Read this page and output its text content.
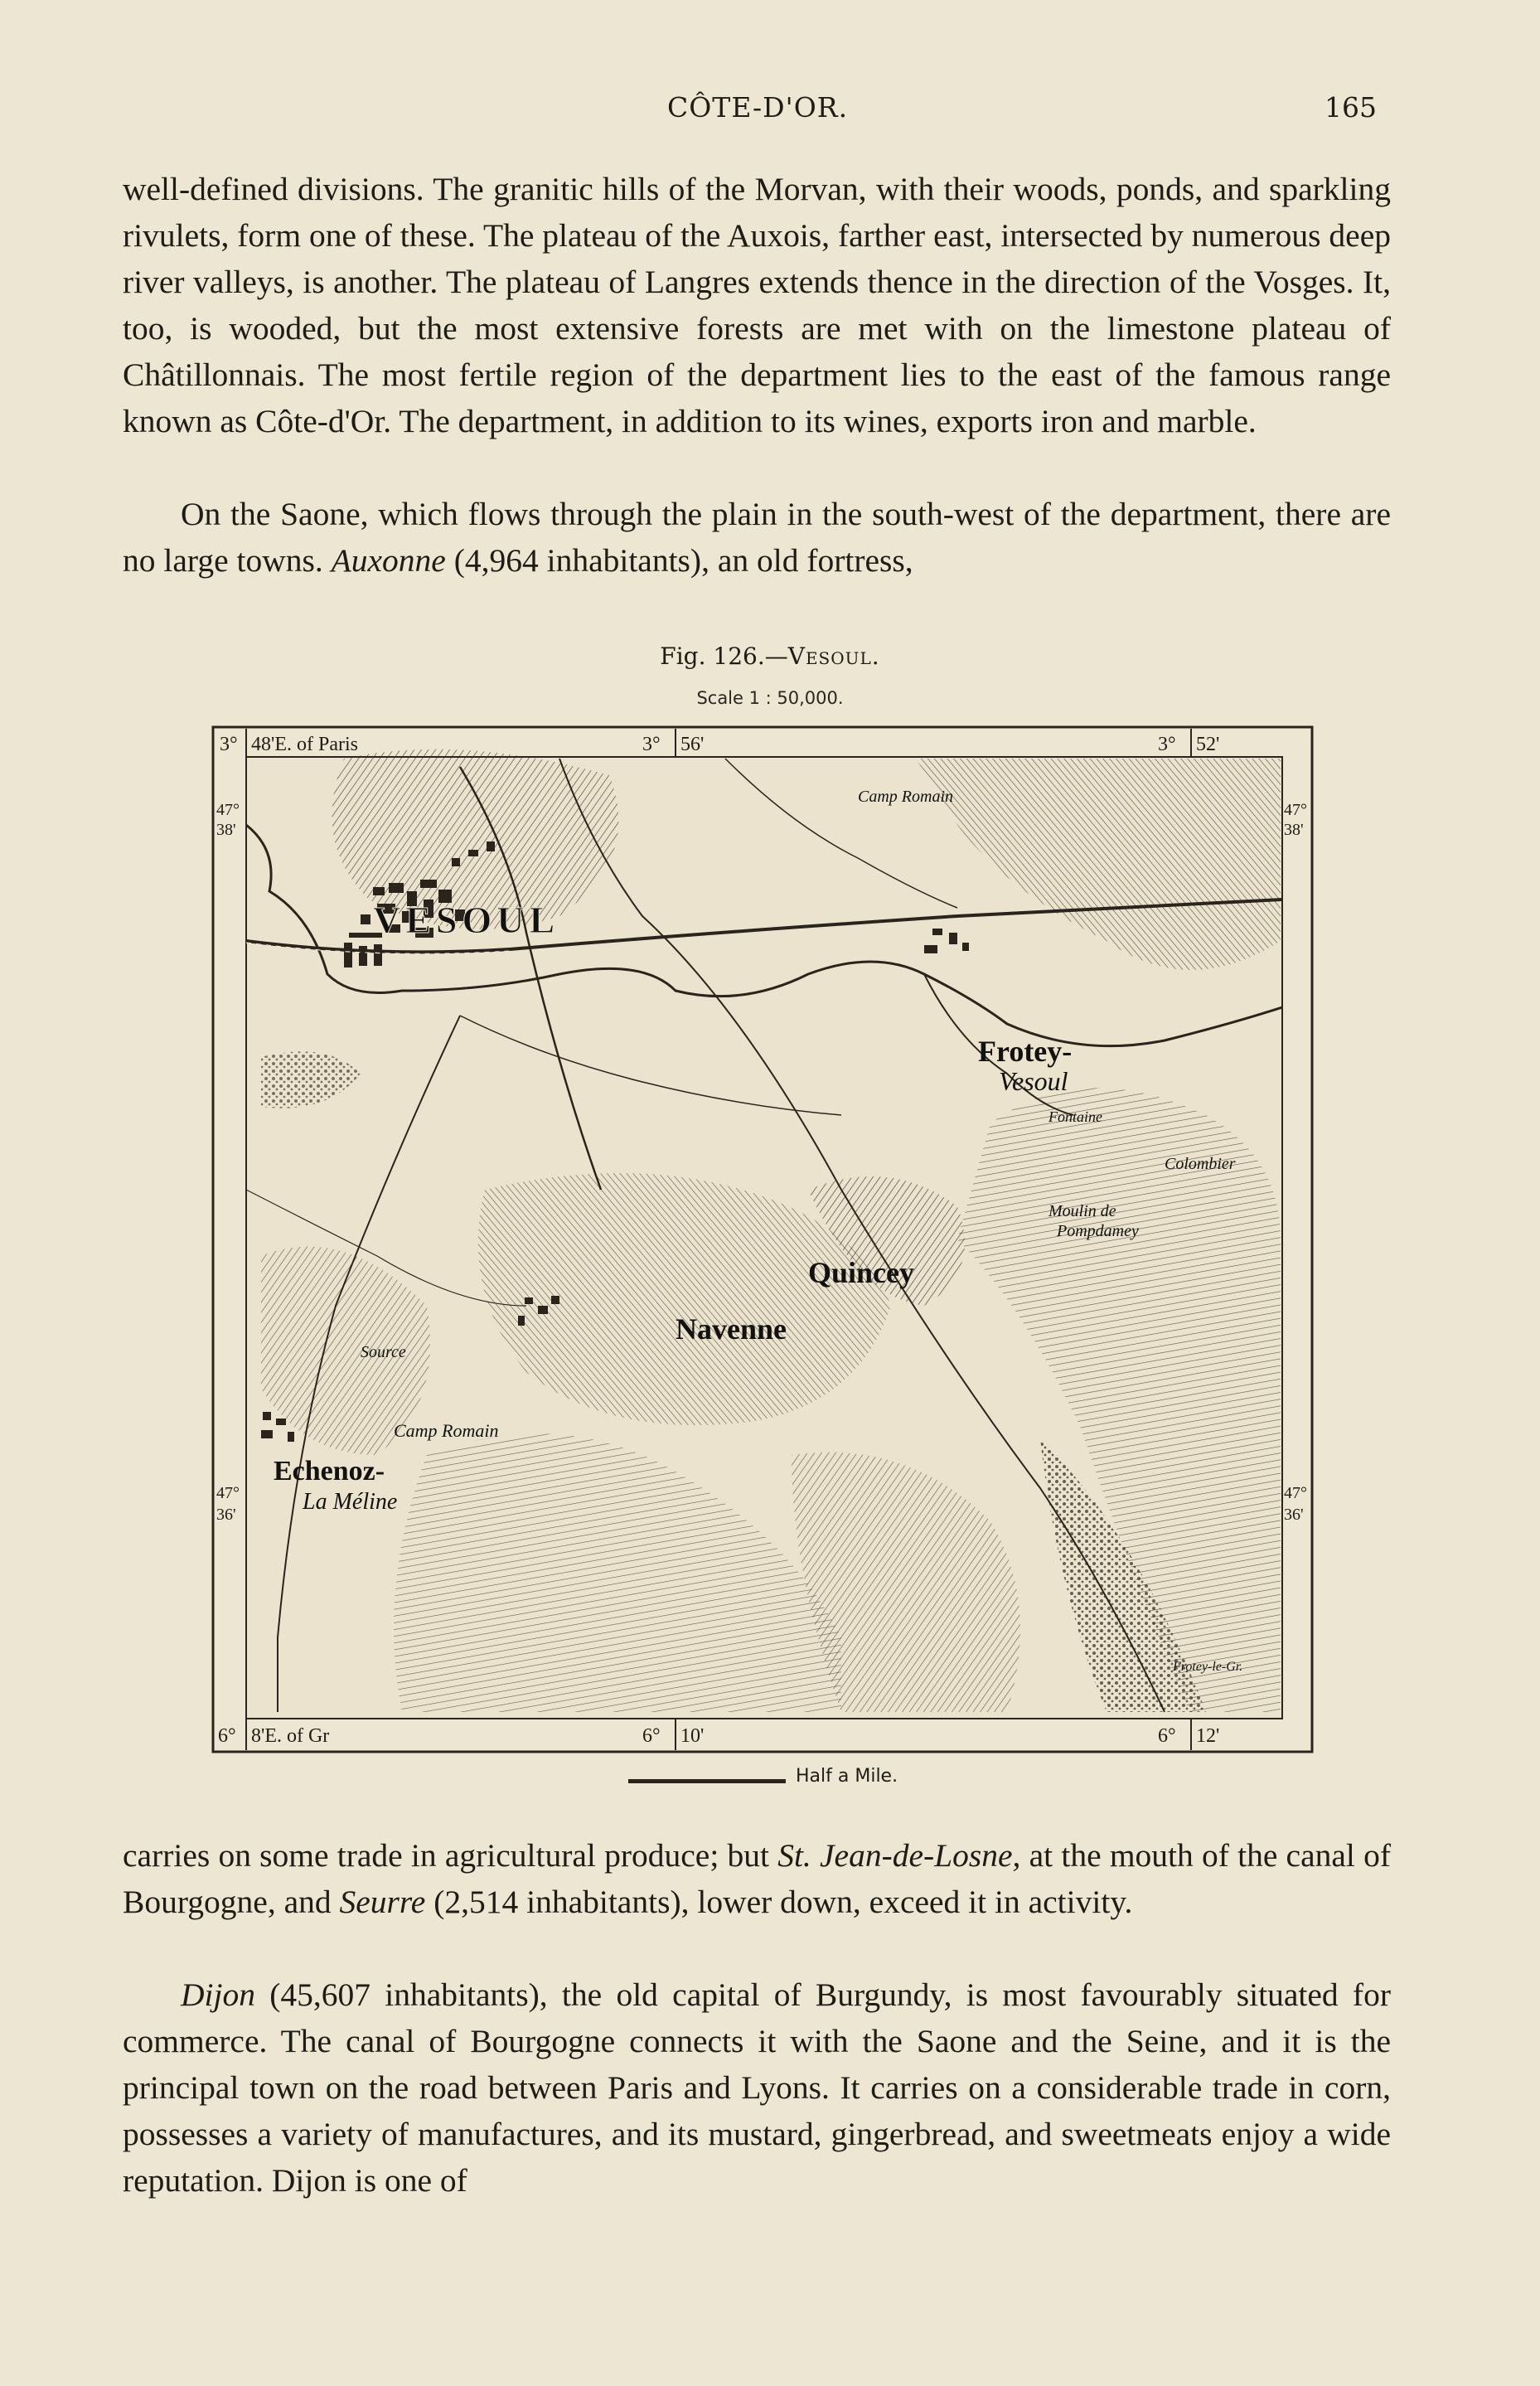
CÔTE-D'OR.	165

well-defined divisions. The granitic hills of the Morvan, with their woods, ponds, and sparkling rivulets, form one of these. The plateau of the Auxois, farther east, intersected by numerous deep river valleys, is another. The plateau of Langres extends thence in the direction of the Vosges. It, too, is wooded, but the most extensive forests are met with on the limestone plateau of Châtillonnais. The most fertile region of the department lies to the east of the famous range known as Côte-d'Or. The department, in addition to its wines, exports iron and marble.

On the Saone, which flows through the plain in the south-west of the department, there are no large towns. Auxonne (4,964 inhabitants), an old fortress,

Fig. 126.—Vesoul.
Scale 1 : 50,000.
3° 48'E. of Paris	3° 56'	3° 52'
6° 8'E. of Gr	6° 10'	6° 12'
47°
38'
47°
36'
47°
38'
47°
36'
VESOUL
Frotey-
Vesoul
Quincey
Navenne
Echenoz-
La Méline
Camp Romain
Camp Romain
Source
Moulin de
Pompdamey
Colombier
Fontaine
Frotey-le-Gr.
Half a Mile.

carries on some trade in agricultural produce; but St. Jean-de-Losne, at the mouth of the canal of Bourgogne, and Seurre (2,514 inhabitants), lower down, exceed it in activity.

Dijon (45,607 inhabitants), the old capital of Burgundy, is most favourably situated for commerce. The canal of Bourgogne connects it with the Saone and the Seine, and it is the principal town on the road between Paris and Lyons. It carries on a considerable trade in corn, possesses a variety of manufactures, and its mustard, gingerbread, and sweetmeats enjoy a wide reputation. Dijon is one of
